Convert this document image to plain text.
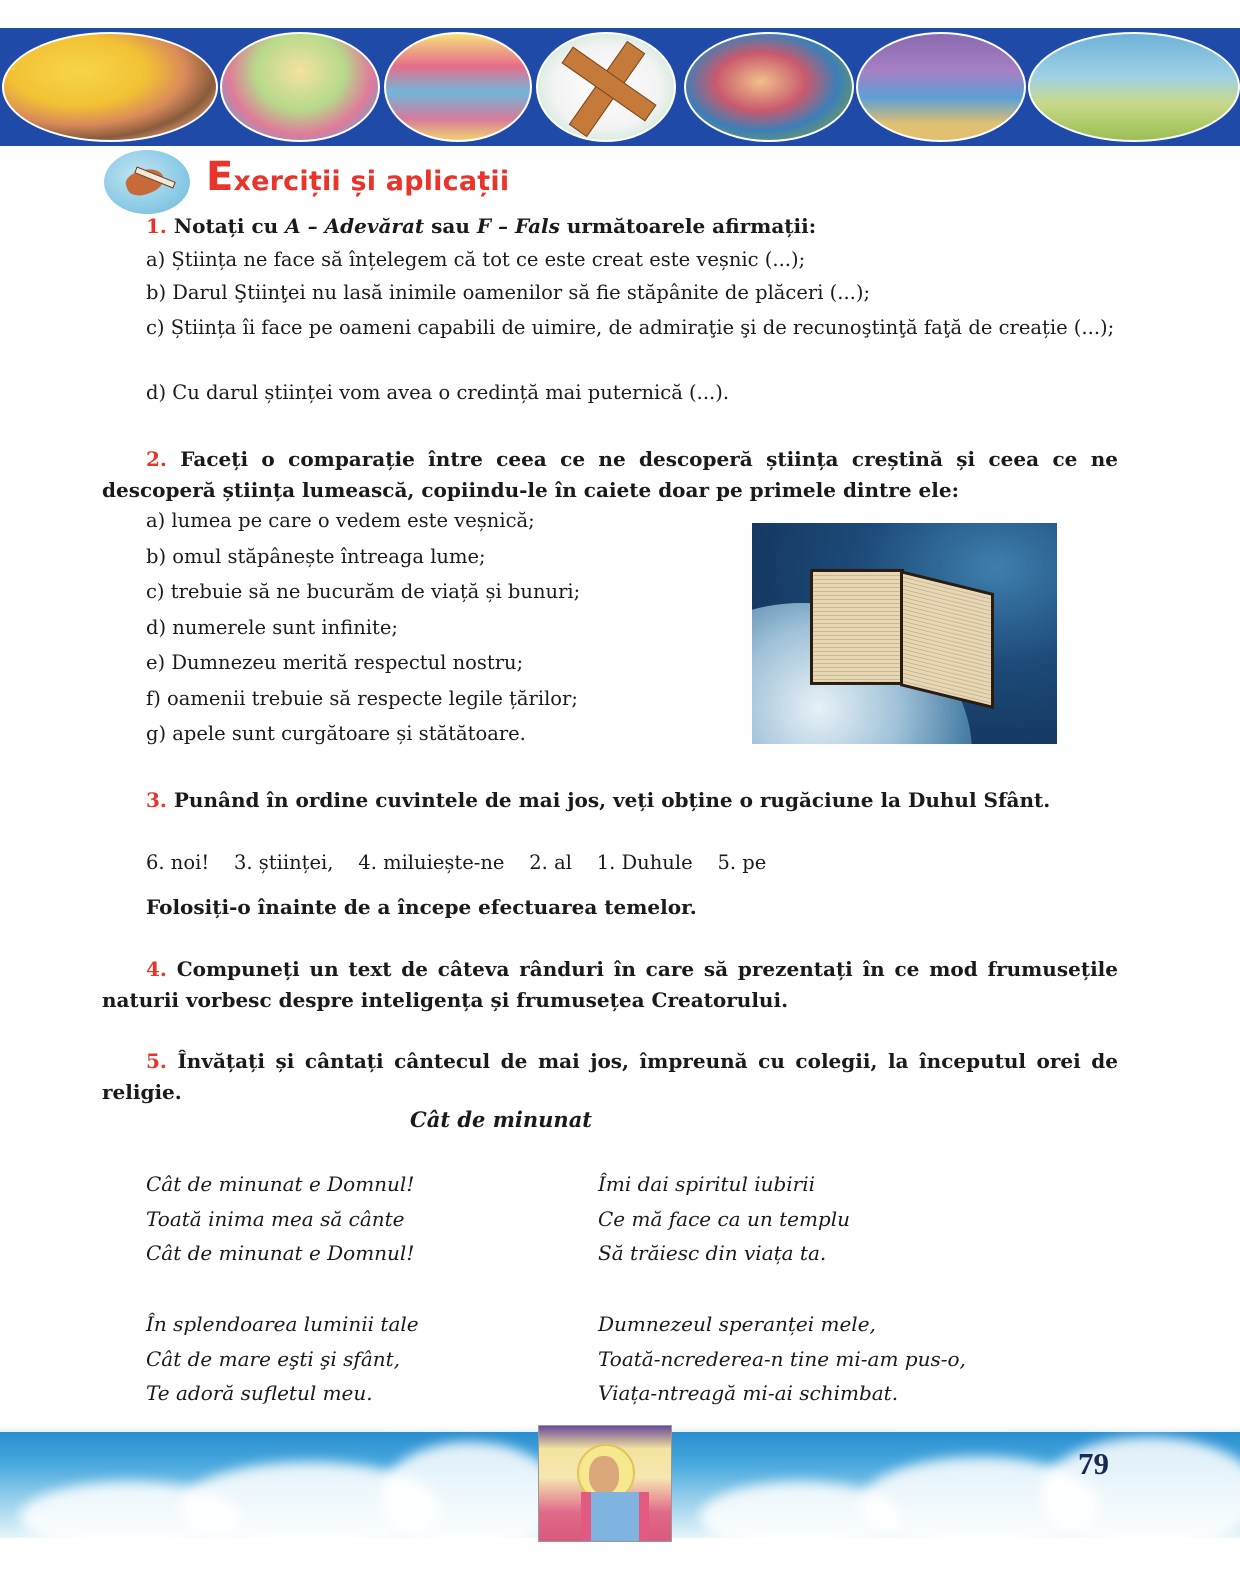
Exerciții și aplicații
1. Notați cu A – Adevărat sau F – Fals următoarele afirmații:
a) Știința ne face să înțelegem că tot ce este creat este veșnic (...);
b) Darul Ştiinţei nu lasă inimile oamenilor să fie stăpânite de plăceri (...);
c) Știința îi face pe oameni capabili de uimire, de admiraţie şi de recunoştinţă faţă de creație (...);
d) Cu darul științei vom avea o credință mai puternică (...).
2. Faceți o comparație între ceea ce ne descoperă știința creștină și ceea ce ne descoperă știința lumească, copiindu-le în caiete doar pe primele dintre ele:
a) lumea pe care o vedem este veșnică;
b) omul stăpânește întreaga lume;
c) trebuie să ne bucurăm de viață și bunuri;
d) numerele sunt infinite;
e) Dumnezeu merită respectul nostru;
f) oamenii trebuie să respecte legile țărilor;
g) apele sunt curgătoare și stătătoare.
3. Punând în ordine cuvintele de mai jos, veți obține o rugăciune la Duhul Sfânt.
6. noi! 3. științei, 4. miluiește-ne 2. al 1. Duhule 5. pe
Folosiți-o înainte de a începe efectuarea temelor.
4. Compuneți un text de câteva rânduri în care să prezentați în ce mod frumusețile naturii vorbesc despre inteligența și frumusețea Creatorului.
5. Învățați și cântați cântecul de mai jos, împreună cu colegii, la începutul orei de religie.
Cât de minunat
Cât de minunat e Domnul!
Toată inima mea să cânte
Cât de minunat e Domnul!
În splendoarea luminii tale
Cât de mare eşti şi sfânt,
Te adoră sufletul meu.
Îmi dai spiritul iubirii
Ce mă face ca un templu
Să trăiesc din viața ta.
Dumnezeul speranței mele,
Toată-ncrederea-n tine mi-am pus-o,
Viața-ntreagă mi-ai schimbat.
79
